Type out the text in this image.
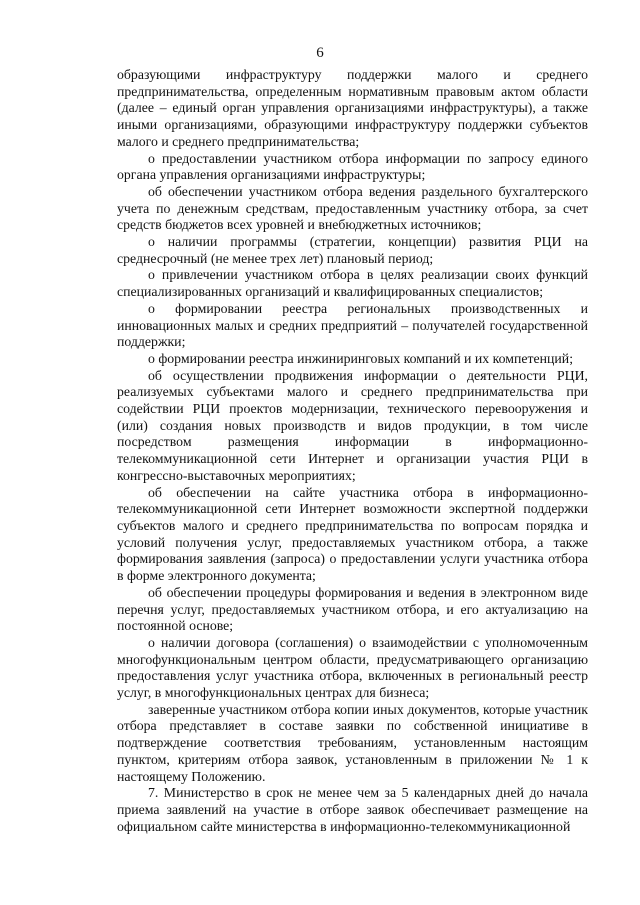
6

образующими инфраструктуру поддержки малого и среднего предпринимательства, определенным нормативным правовым актом области (далее – единый орган управления организациями инфраструктуры), а также иными организациями, образующими инфраструктуру поддержки субъектов малого и среднего предпринимательства;

о предоставлении участником отбора информации по запросу единого органа управления организациями инфраструктуры;

об обеспечении участником отбора ведения раздельного бухгалтерского учета по денежным средствам, предоставленным участнику отбора, за счет средств бюджетов всех уровней и внебюджетных источников;

о наличии программы (стратегии, концепции) развития РЦИ на среднесрочный (не менее трех лет) плановый период;

о привлечении участником отбора в целях реализации своих функций специализированных организаций и квалифицированных специалистов;

о формировании реестра региональных производственных и инновационных малых и средних предприятий – получателей государственной поддержки;

о формировании реестра инжиниринговых компаний и их компетенций;

об осуществлении продвижения информации о деятельности РЦИ, реализуемых субъектами малого и среднего предпринимательства при содействии РЦИ проектов модернизации, технического перевооружения и (или) создания новых производств и видов продукции, в том числе посредством размещения информации в информационно-телекоммуникационной сети Интернет и организации участия РЦИ в конгрессно-выставочных мероприятиях;

об обеспечении на сайте участника отбора в информационно-телекоммуникационной сети Интернет возможности экспертной поддержки субъектов малого и среднего предпринимательства по вопросам порядка и условий получения услуг, предоставляемых участником отбора, а также формирования заявления (запроса) о предоставлении услуги участника отбора в форме электронного документа;

об обеспечении процедуры формирования и ведения в электронном виде перечня услуг, предоставляемых участником отбора, и его актуализацию на постоянной основе;

о наличии договора (соглашения) о взаимодействии с уполномоченным многофункциональным центром области, предусматривающего организацию предоставления услуг участника отбора, включенных в региональный реестр услуг, в многофункциональных центрах для бизнеса;

заверенные участником отбора копии иных документов, которые участник отбора представляет в составе заявки по собственной инициативе в подтверждение соответствия требованиям, установленным настоящим пунктом, критериям отбора заявок, установленным в приложении № 1 к настоящему Положению.

7. Министерство в срок не менее чем за 5 календарных дней до начала приема заявлений на участие в отборе заявок обеспечивает размещение на официальном сайте министерства в информационно-телекоммуникационной
